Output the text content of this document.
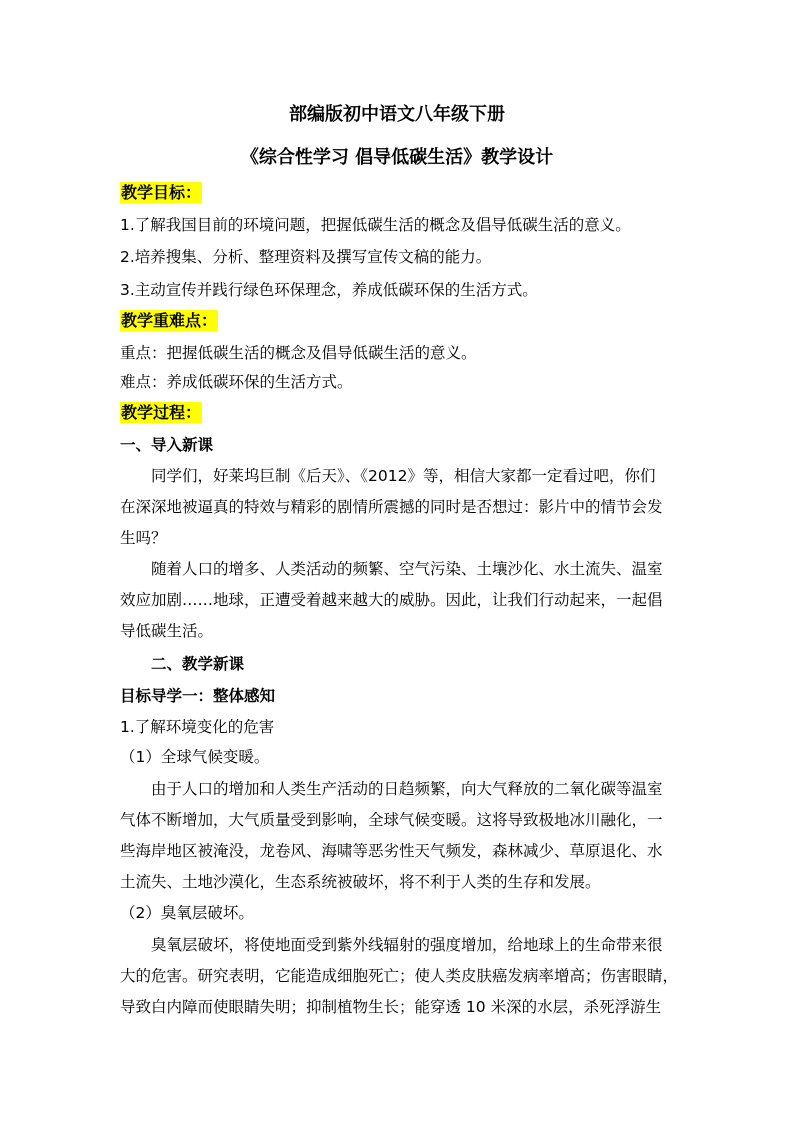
部编版初中语文八年级下册
《综合性学习 倡导低碳生活》教学设计
教学目标：
1.了解我国目前的环境问题，把握低碳生活的概念及倡导低碳生活的意义。
2.培养搜集、分析、整理资料及撰写宣传文稿的能力。
3.主动宣传并践行绿色环保理念，养成低碳环保的生活方式。
教学重难点：
重点：把握低碳生活的概念及倡导低碳生活的意义。
难点：养成低碳环保的生活方式。
教学过程：
一、导入新课
同学们，好莱坞巨制《后天》、《2012》等，相信大家都一定看过吧，你们
在深深地被逼真的特效与精彩的剧情所震撼的同时是否想过：影片中的情节会发
生吗？
随着人口的增多、人类活动的频繁、空气污染、土壤沙化、水土流失、温室
效应加剧……地球，正遭受着越来越大的威胁。因此，让我们行动起来，一起倡
导低碳生活。
二、教学新课
目标导学一：整体感知
1.了解环境变化的危害
（1）全球气候变暖。
由于人口的增加和人类生产活动的日趋频繁，向大气释放的二氧化碳等温室
气体不断增加，大气质量受到影响，全球气候变暖。这将导致极地冰川融化，一
些海岸地区被淹没，龙卷风、海啸等恶劣性天气频发，森林减少、草原退化、水
土流失、土地沙漠化，生态系统被破坏，将不利于人类的生存和发展。
（2）臭氧层破坏。
臭氧层破坏，将使地面受到紫外线辐射的强度增加，给地球上的生命带来很
大的危害。研究表明，它能造成细胞死亡；使人类皮肤癌发病率增高；伤害眼睛，
导致白内障而使眼睛失明；抑制植物生长；能穿透 10 米深的水层，杀死浮游生
